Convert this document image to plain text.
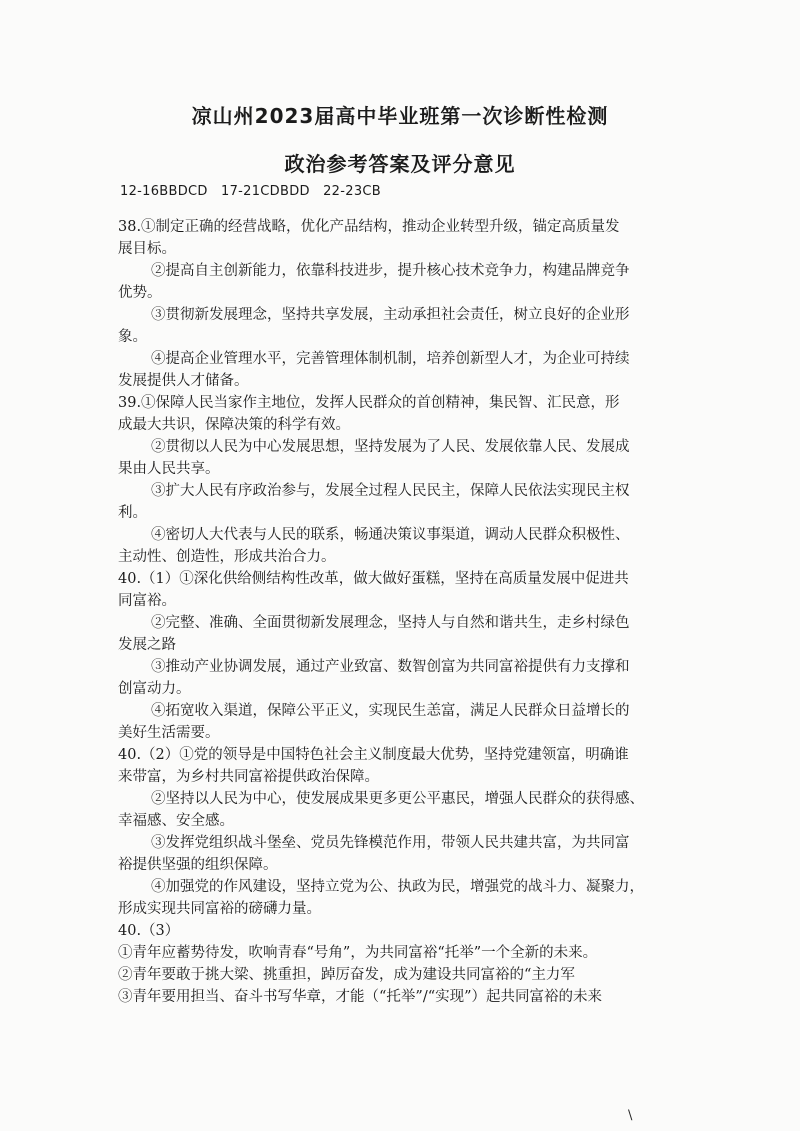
凉山州2023届高中毕业班第一次诊断性检测
政治参考答案及评分意见
12-16BBDCD　17-21CDBDD　22-23CB
38.①制定正确的经营战略，优化产品结构，推动企业转型升级，锚定高质量发
展目标。
②提高自主创新能力，依靠科技进步，提升核心技术竞争力，构建品牌竞争
优势。
③贯彻新发展理念，坚持共享发展，主动承担社会责任，树立良好的企业形
象。
④提高企业管理水平，完善管理体制机制，培养创新型人才，为企业可持续
发展提供人才储备。
39.①保障人民当家作主地位，发挥人民群众的首创精神，集民智、汇民意，形
成最大共识，保障决策的科学有效。
②贯彻以人民为中心发展思想，坚持发展为了人民、发展依靠人民、发展成
果由人民共享。
③扩大人民有序政治参与，发展全过程人民民主，保障人民依法实现民主权
利。
④密切人大代表与人民的联系，畅通决策议事渠道，调动人民群众积极性、
主动性、创造性，形成共治合力。
40.（1）①深化供给侧结构性改革，做大做好蛋糕，坚持在高质量发展中促进共
同富裕。
②完整、准确、全面贯彻新发展理念，坚持人与自然和谐共生，走乡村绿色
发展之路
③推动产业协调发展，通过产业致富、数智创富为共同富裕提供有力支撑和
创富动力。
④拓宽收入渠道，保障公平正义，实现民生恙富，满足人民群众日益增长的
美好生活需要。
40.（2）①党的领导是中国特色社会主义制度最大优势，坚持党建领富，明确谁
来带富，为乡村共同富裕提供政治保障。
②坚持以人民为中心，使发展成果更多更公平惠民，增强人民群众的获得感、
幸福感、安全感。
③发挥党组织战斗堡垒、党员先锋模范作用，带领人民共建共富，为共同富
裕提供坚强的组织保障。
④加强党的作风建设，坚持立党为公、执政为民，增强党的战斗力、凝聚力，
形成实现共同富裕的磅礴力量。
40.（3）
①青年应蓄势待发，吹响青春“号角”，为共同富裕“托举”一个全新的未来。
②青年要敢于挑大梁、挑重担，踔厉奋发，成为建设共同富裕的“主力军
③青年要用担当、奋斗书写华章，才能（“托举”/“实现”）起共同富裕的未来
\
